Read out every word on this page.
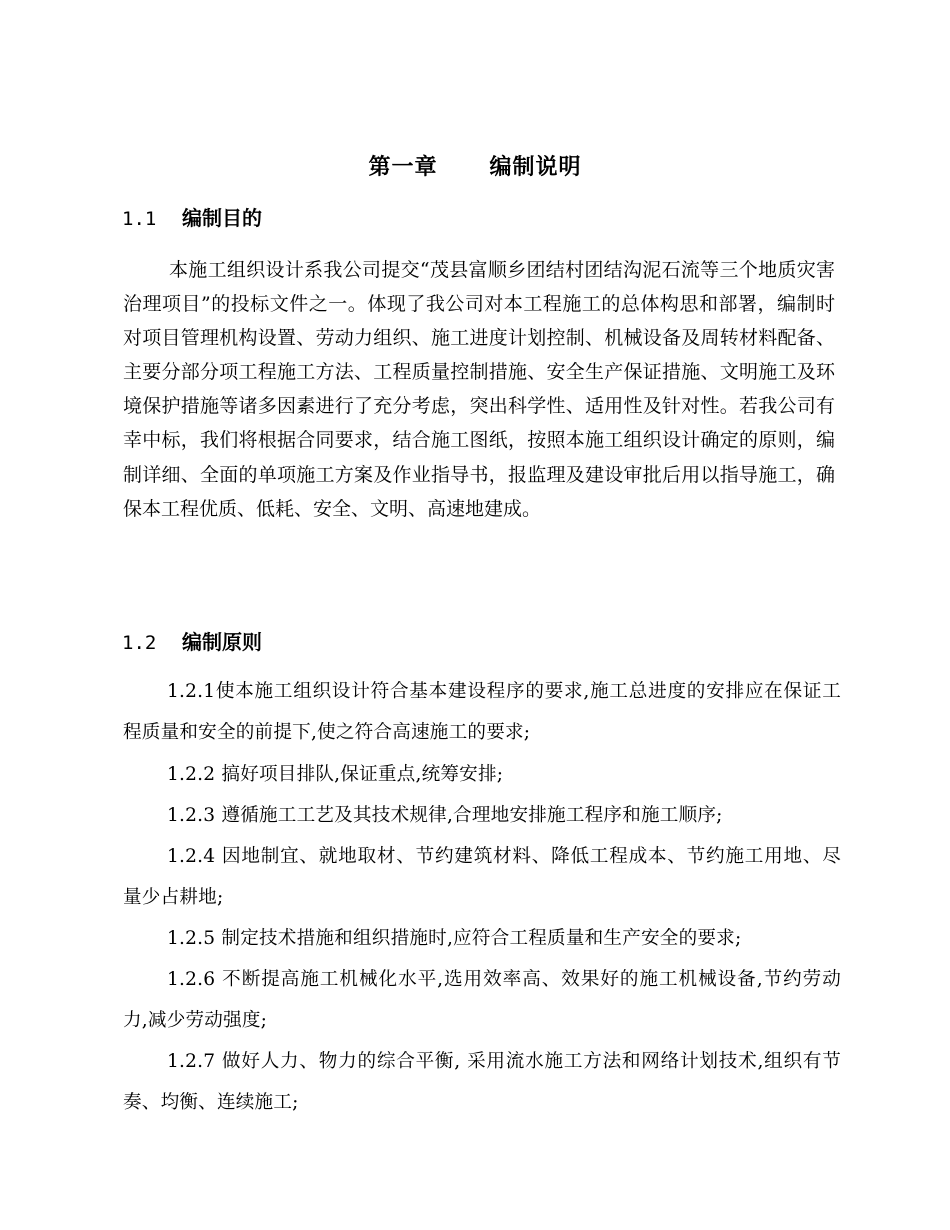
第一章      编制说明
1.1 编制目的
本施工组织设计系我公司提交“茂县富顺乡团结村团结沟泥石流等三个地质灾害治理项目”的投标文件之一。体现了我公司对本工程施工的总体构思和部署，编制时对项目管理机构设置、劳动力组织、施工进度计划控制、机械设备及周转材料配备、主要分部分项工程施工方法、工程质量控制措施、安全生产保证措施、文明施工及环境保护措施等诸多因素进行了充分考虑，突出科学性、适用性及针对性。若我公司有幸中标，我们将根据合同要求，结合施工图纸，按照本施工组织设计确定的原则，编制详细、全面的单项施工方案及作业指导书，报监理及建设审批后用以指导施工，确保本工程优质、低耗、安全、文明、高速地建成。
1.2 编制原则
1.2.1使本施工组织设计符合基本建设程序的要求,施工总进度的安排应在保证工程质量和安全的前提下,使之符合高速施工的要求;
1.2.2 搞好项目排队,保证重点,统筹安排;
1.2.3 遵循施工工艺及其技术规律,合理地安排施工程序和施工顺序;
1.2.4 因地制宜、就地取材、节约建筑材料、降低工程成本、节约施工用地、尽量少占耕地;
1.2.5 制定技术措施和组织措施时,应符合工程质量和生产安全的要求;
1.2.6 不断提高施工机械化水平,选用效率高、效果好的施工机械设备,节约劳动力,减少劳动强度;
1.2.7 做好人力、物力的综合平衡, 采用流水施工方法和网络计划技术,组织有节奏、均衡、连续施工;
